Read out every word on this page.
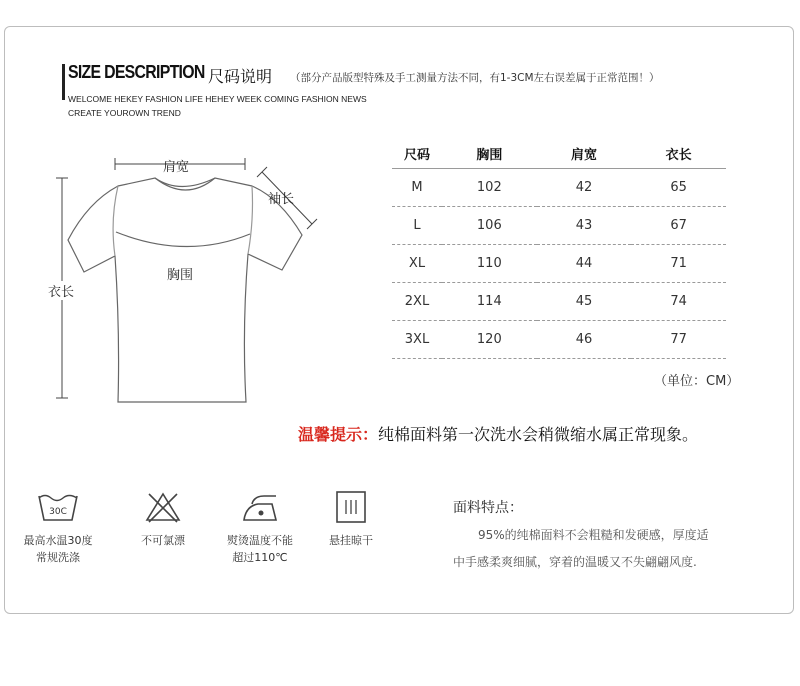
SIZE DESCRIPTION 尺码说明 （部分产品版型特殊及手工测量方法不同，有1-3CM左右误差属于正常范围！）
WELCOME HEKEY FASHION LIFE HEHEY WEEK COMING FASHION NEWS
CREATE YOUROWN TREND
肩宽
袖长
胸围
衣长
尺码	胸围	肩宽	衣长
M	102	42	65
L	106	43	67
XL	110	44	71
2XL	114	45	74
3XL	120	46	77
（单位：CM）
温馨提示：纯棉面料第一次洗水会稍微缩水属正常现象。
30C
最高水温30度
常规洗涤
不可氯漂	熨烫温度不能
超过110℃
悬挂晾干
面料特点：
95%的纯棉面料不会粗糙和发硬感，厚度适
中手感柔爽细腻，穿着的温暖又不失翩翩风度.
